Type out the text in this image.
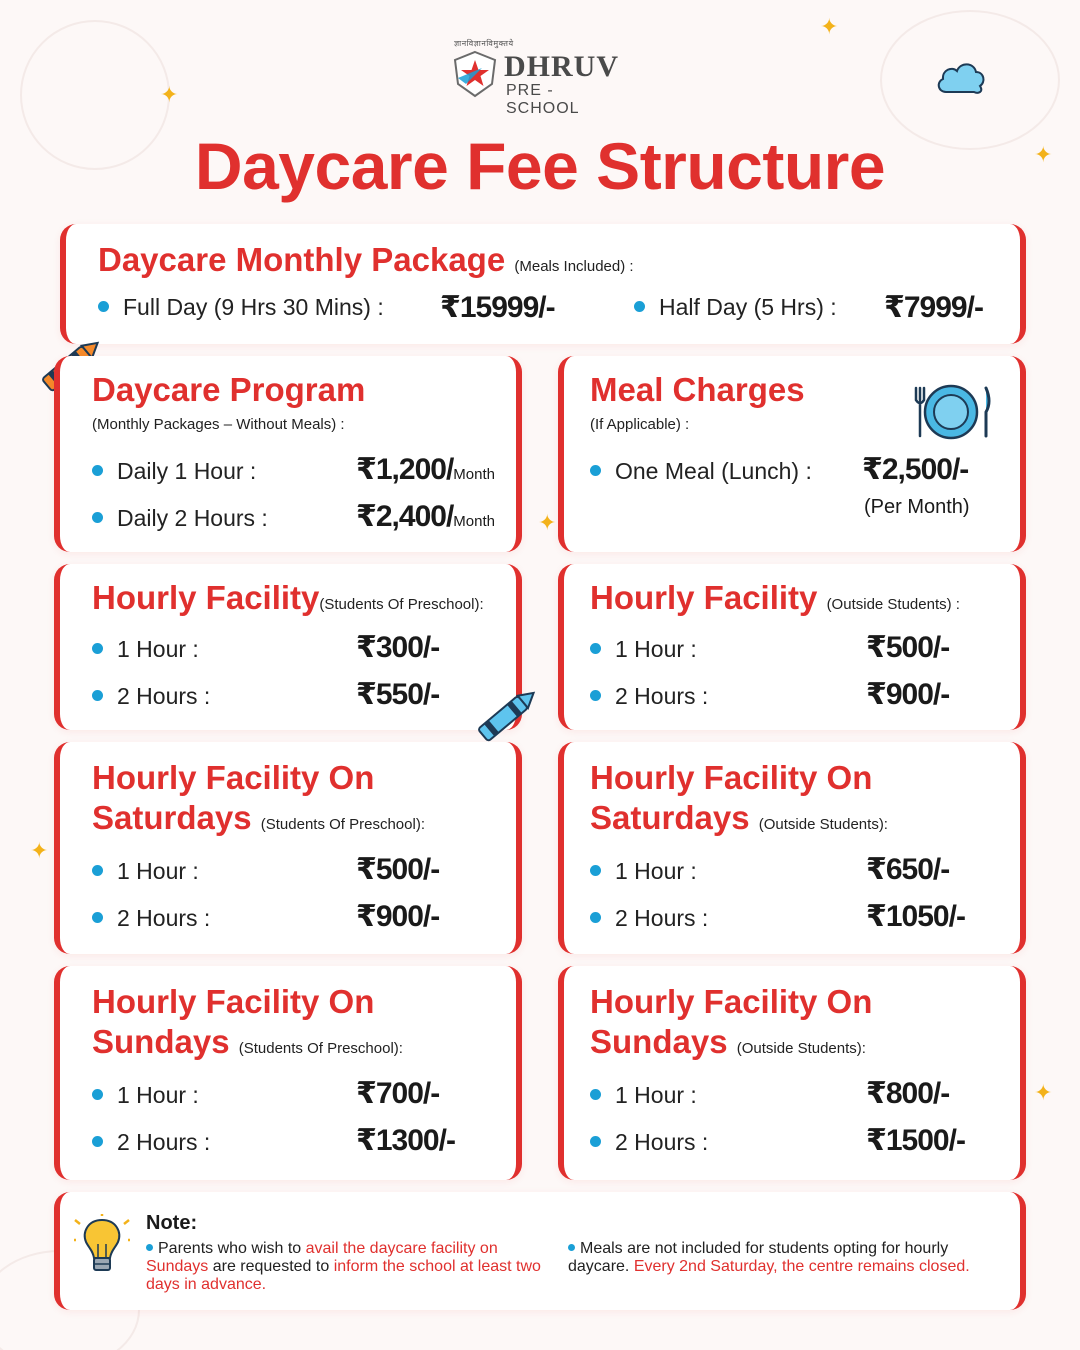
✦
✦
✦
✦
✦
✦
ज्ञानविज्ञानविमुक्तये
DHRUV
PRE - SCHOOL
Daycare Fee Structure
Daycare Monthly Package (Meals Included) :
Full Day (9 Hrs 30 Mins) : ₹15999/-	Half Day (5 Hrs) : ₹7999/-
Daycare Program
(Monthly Packages – Without Meals) :
Daily 1 Hour :	₹1,200/Month
Daily 2 Hours :	₹2,400/Month
Meal Charges
(If Applicable) :
One Meal (Lunch) : ₹2,500/-
(Per Month)
Hourly Facility(Students Of Preschool):
1 Hour :	₹300/-
2 Hours :	₹550/-
Hourly Facility (Outside Students) :
1 Hour :	₹500/-
2 Hours :	₹900/-
Hourly Facility On
Saturdays (Students Of Preschool):
1 Hour :	₹500/-
2 Hours :	₹900/-
Hourly Facility On
Saturdays (Outside Students):
1 Hour :	₹650/-
2 Hours :	₹1050/-
Hourly Facility On
Sundays (Students Of Preschool):
1 Hour :	₹700/-
2 Hours :	₹1300/-
Hourly Facility On
Sundays (Outside Students):
1 Hour :	₹800/-
2 Hours :	₹1500/-
Note:
Parents who wish to avail the daycare facility on Sundays are requested to inform the school at least two days in advance.
Meals are not included for students opting for hourly daycare. Every 2nd Saturday, the centre remains closed.
